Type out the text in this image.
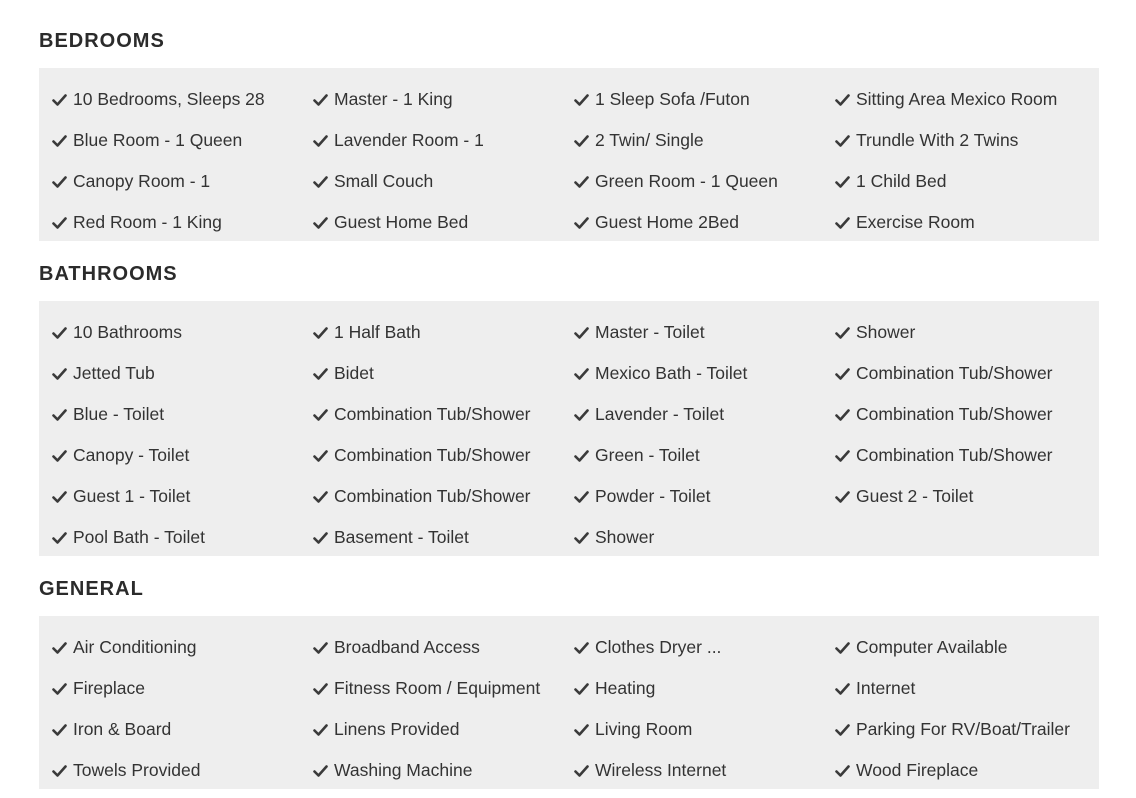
BEDROOMS
10 Bedrooms, Sleeps 28	Master - 1 King	1 Sleep Sofa /Futon	Sitting Area Mexico Room
Blue Room - 1 Queen	Lavender Room - 1	2 Twin/ Single	Trundle With 2 Twins
Canopy Room - 1	Small Couch	Green Room - 1 Queen	1 Child Bed
Red Room - 1 King	Guest Home Bed	Guest Home 2Bed	Exercise Room
BATHROOMS
10 Bathrooms	1 Half Bath	Master - Toilet	Shower
Jetted Tub	Bidet	Mexico Bath - Toilet	Combination Tub/Shower
Blue - Toilet	Combination Tub/Shower	Lavender - Toilet	Combination Tub/Shower
Canopy - Toilet	Combination Tub/Shower	Green - Toilet	Combination Tub/Shower
Guest 1 - Toilet	Combination Tub/Shower	Powder - Toilet	Guest 2 - Toilet
Pool Bath - Toilet	Basement - Toilet	Shower
GENERAL
Air Conditioning	Broadband Access	Clothes Dryer ...	Computer Available
Fireplace	Fitness Room / Equipment	Heating	Internet
Iron & Board	Linens Provided	Living Room	Parking For RV/Boat/Trailer
Towels Provided	Washing Machine	Wireless Internet	Wood Fireplace
